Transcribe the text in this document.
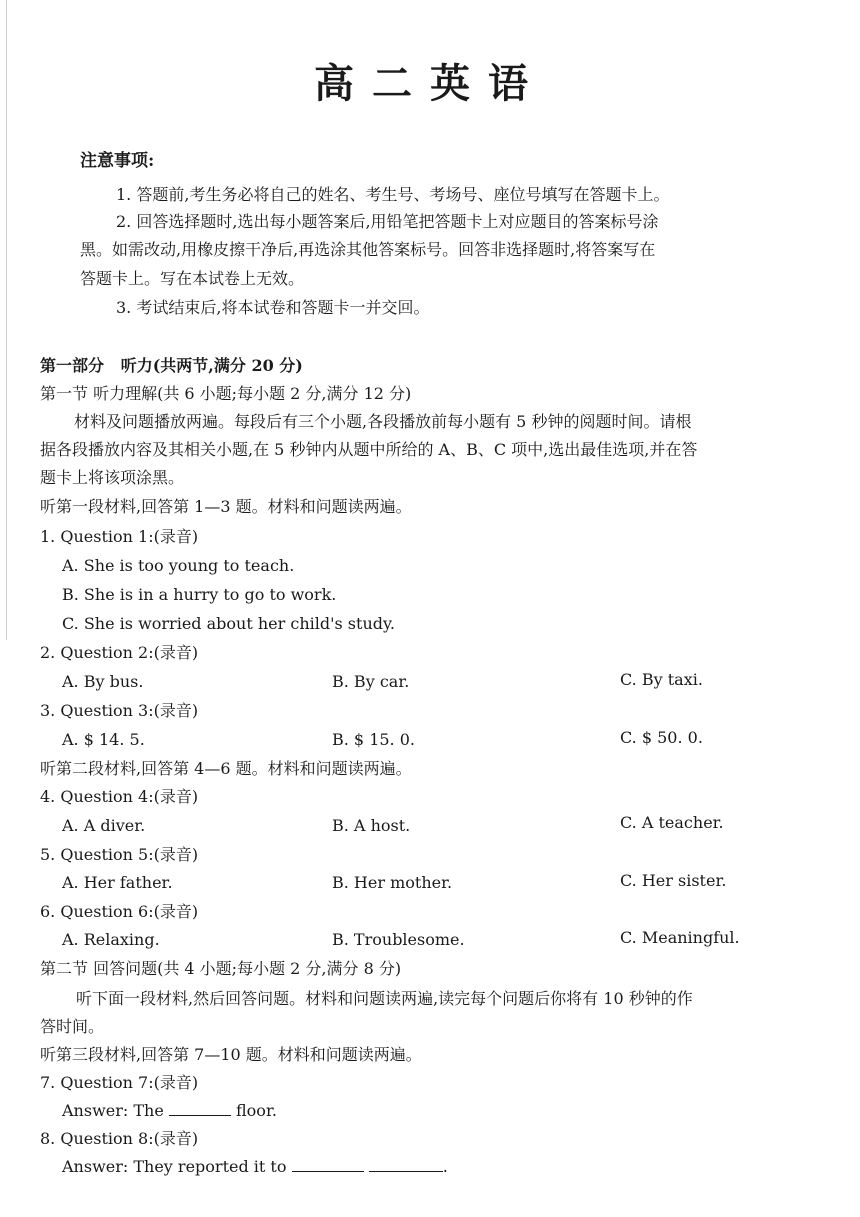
高二英语
注意事项:
1. 答题前,考生务必将自己的姓名、考生号、考场号、座位号填写在答题卡上。
2. 回答选择题时,选出每小题答案后,用铅笔把答题卡上对应题目的答案标号涂
黑。如需改动,用橡皮擦干净后,再选涂其他答案标号。回答非选择题时,将答案写在
答题卡上。写在本试卷上无效。
3. 考试结束后,将本试卷和答题卡一并交回。
第一部分 听力(共两节,满分 20 分)
第一节 听力理解(共 6 小题;每小题 2 分,满分 12 分)
材料及问题播放两遍。每段后有三个小题,各段播放前每小题有 5 秒钟的阅题时间。请根
据各段播放内容及其相关小题,在 5 秒钟内从题中所给的 A、B、C 项中,选出最佳选项,并在答
题卡上将该项涂黑。
听第一段材料,回答第 1—3 题。材料和问题读两遍。
1. Question 1:(录音)
A. She is too young to teach.
B. She is in a hurry to go to work.
C. She is worried about her child's study.
2. Question 2:(录音)
A. By bus.	B. By car.	C. By taxi.
3. Question 3:(录音)
A. $ 14. 5.	B. $ 15. 0.	C. $ 50. 0.
听第二段材料,回答第 4—6 题。材料和问题读两遍。
4. Question 4:(录音)
A. A diver.	B. A host.	C. A teacher.
5. Question 5:(录音)
A. Her father.	B. Her mother.	C. Her sister.
6. Question 6:(录音)
A. Relaxing.	B. Troublesome.	C. Meaningful.
第二节 回答问题(共 4 小题;每小题 2 分,满分 8 分)
听下面一段材料,然后回答问题。材料和问题读两遍,读完每个问题后你将有 10 秒钟的作
答时间。
听第三段材料,回答第 7—10 题。材料和问题读两遍。
7. Question 7:(录音)
Answer: The	floor.
8. Question 8:(录音)
Answer: They reported it to	.
